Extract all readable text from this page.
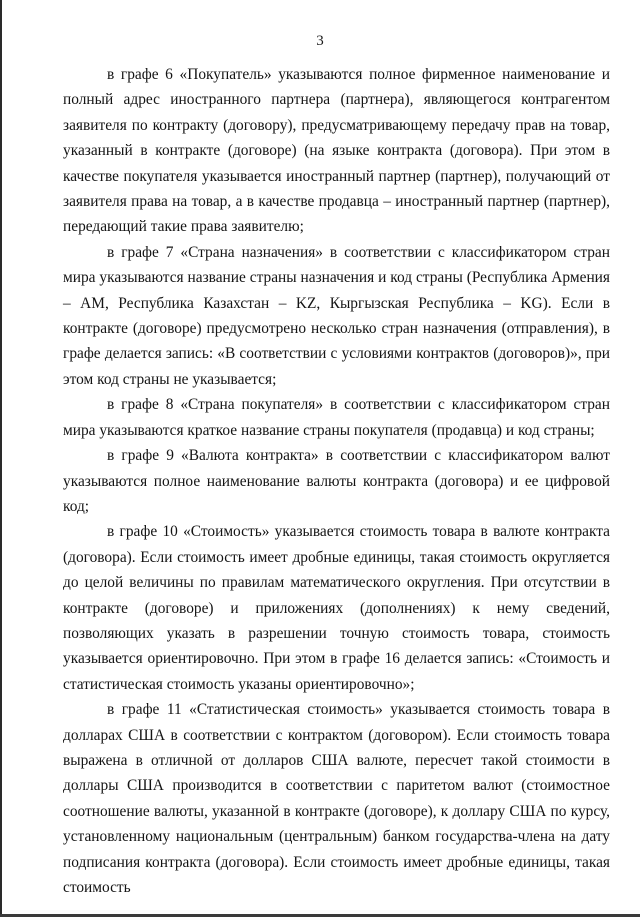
3

в графе 6 «Покупатель» указываются полное фирменное наименование и полный адрес иностранного партнера (партнера), являющегося контрагентом заявителя по контракту (договору), предусматривающему передачу прав на товар, указанный в контракте (договоре) (на языке контракта (договора). При этом в качестве покупателя указывается иностранный партнер (партнер), получающий от заявителя права на товар, а в качестве продавца – иностранный партнер (партнер), передающий такие права заявителю;

в графе 7 «Страна назначения» в соответствии с классификатором стран мира указываются название страны назначения и код страны (Республика Армения – AM, Республика Казахстан – KZ, Кыргызская Республика – KG). Если в контракте (договоре) предусмотрено несколько стран назначения (отправления), в графе делается запись: «В соответствии с условиями контрактов (договоров)», при этом код страны не указывается;

в графе 8 «Страна покупателя» в соответствии с классификатором стран мира указываются краткое название страны покупателя (продавца) и код страны;

в графе 9 «Валюта контракта» в соответствии с классификатором валют указываются полное наименование валюты контракта (договора) и ее цифровой код;

в графе 10 «Стоимость» указывается стоимость товара в валюте контракта (договора). Если стоимость имеет дробные единицы, такая стоимость округляется до целой величины по правилам математического округления. При отсутствии в контракте (договоре) и приложениях (дополнениях) к нему сведений, позволяющих указать в разрешении точную стоимость товара, стоимость указывается ориентировочно. При этом в графе 16 делается запись: «Стоимость и статистическая стоимость указаны ориентировочно»;

в графе 11 «Статистическая стоимость» указывается стоимость товара в долларах США в соответствии с контрактом (договором). Если стоимость товара выражена в отличной от долларов США валюте, пересчет такой стоимости в доллары США производится в соответствии с паритетом валют (стоимостное соотношение валюты, указанной в контракте (договоре), к доллару США по курсу, установленному национальным (центральным) банком государства-члена на дату подписания контракта (договора). Если стоимость имеет дробные единицы, такая стоимость
